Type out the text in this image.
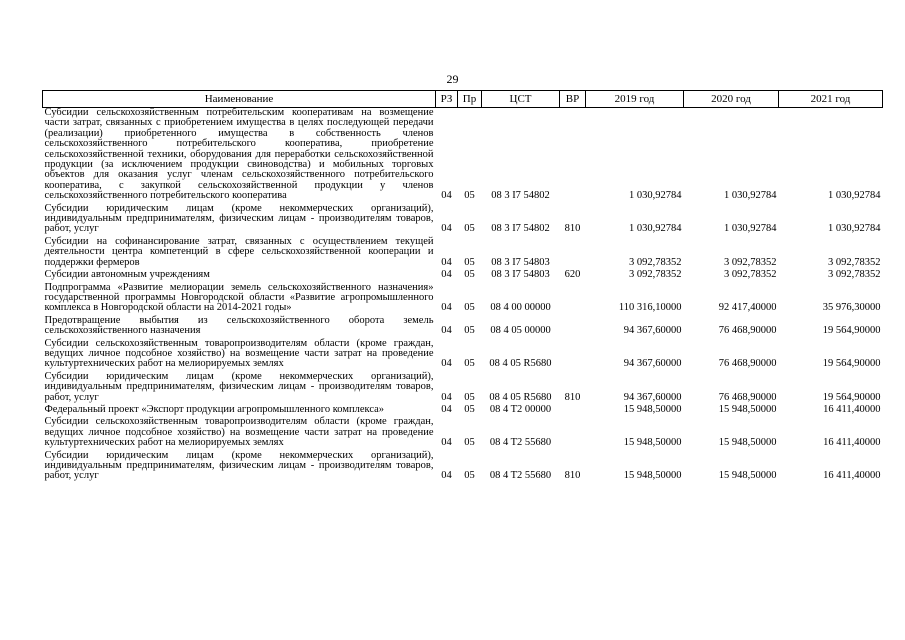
29
Наименование	РЗ	Пр	ЦСТ	ВР	2019 год	2020 год	2021 год
Субсидии сельскохозяйственным потребительским кооперативам на возмещение части затрат, связанных с приобретением имущества в целях последующей передачи (реализации) приобретенного имущества в собственность членов сельскохозяйственного потребительского кооператива, приобретение сельскохозяйственной техники, оборудования для переработки сельскохозяйственной продукции (за исключением продукции свиноводства) и мобильных торговых объектов для оказания услуг членам сельскохозяйственного потребительского кооператива, с закупкой сельскохозяйственной продукции у членов сельскохозяйственного потребительского кооператива	04	05	08 3 I7 54802		1 030,92784	1 030,92784	1 030,92784
Субсидии юридическим лицам (кроме некоммерческих организаций), индивидуальным предпринимателям, физическим лицам - производителям товаров, работ, услуг	04	05	08 3 I7 54802	810	1 030,92784	1 030,92784	1 030,92784
Субсидии на софинансирование затрат, связанных с осуществлением текущей деятельности центра компетенций в сфере сельскохозяйственной кооперации и поддержки фермеров	04	05	08 3 I7 54803		3 092,78352	3 092,78352	3 092,78352
Субсидии автономным учреждениям	04	05	08 3 I7 54803	620	3 092,78352	3 092,78352	3 092,78352
Подпрограмма «Развитие мелиорации земель сельскохозяйственного назначения» государственной программы Новгородской области «Развитие агропромышленного комплекса в Новгородской области на 2014-2021 годы»	04	05	08 4 00 00000		110 316,10000	92 417,40000	35 976,30000
Предотвращение выбытия из сельскохозяйственного оборота земель сельскохозяйственного назначения	04	05	08 4 05 00000		94 367,60000	76 468,90000	19 564,90000
Субсидии сельскохозяйственным товаропроизводителям области (кроме граждан, ведущих личное подсобное хозяйство) на возмещение части затрат на проведение культуртехнических работ на мелиорируемых землях	04	05	08 4 05 R5680		94 367,60000	76 468,90000	19 564,90000
Субсидии юридическим лицам (кроме некоммерческих организаций), индивидуальным предпринимателям, физическим лицам - производителям товаров, работ, услуг	04	05	08 4 05 R5680	810	94 367,60000	76 468,90000	19 564,90000
Федеральный проект «Экспорт продукции агропромышленного комплекса»	04	05	08 4 T2 00000		15 948,50000	15 948,50000	16 411,40000
Субсидии сельскохозяйственным товаропроизводителям области (кроме граждан, ведущих личное подсобное хозяйство) на возмещение части затрат на проведение культуртехнических работ на мелиорируемых землях	04	05	08 4 T2 55680		15 948,50000	15 948,50000	16 411,40000
Субсидии юридическим лицам (кроме некоммерческих организаций), индивидуальным предпринимателям, физическим лицам - производителям товаров, работ, услуг	04	05	08 4 T2 55680	810	15 948,50000	15 948,50000	16 411,40000
